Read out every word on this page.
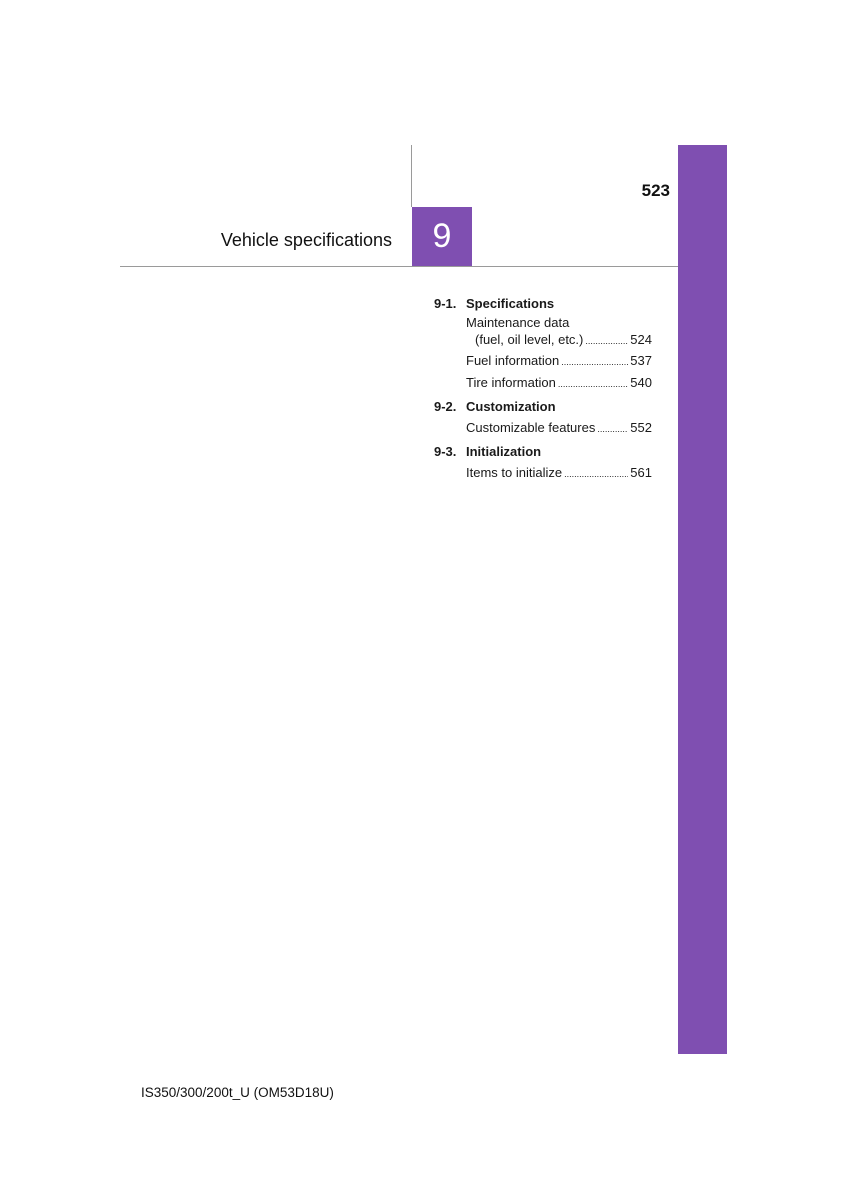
523
Vehicle specifications	9
9-1. Specifications
Maintenance data
(fuel, oil level, etc.) .....	524
Fuel information .....	537
Tire information .....	540
9-2. Customization
Customizable features .....	552
9-3. Initialization
Items to initialize .....	561
IS350/300/200t_U (OM53D18U)
